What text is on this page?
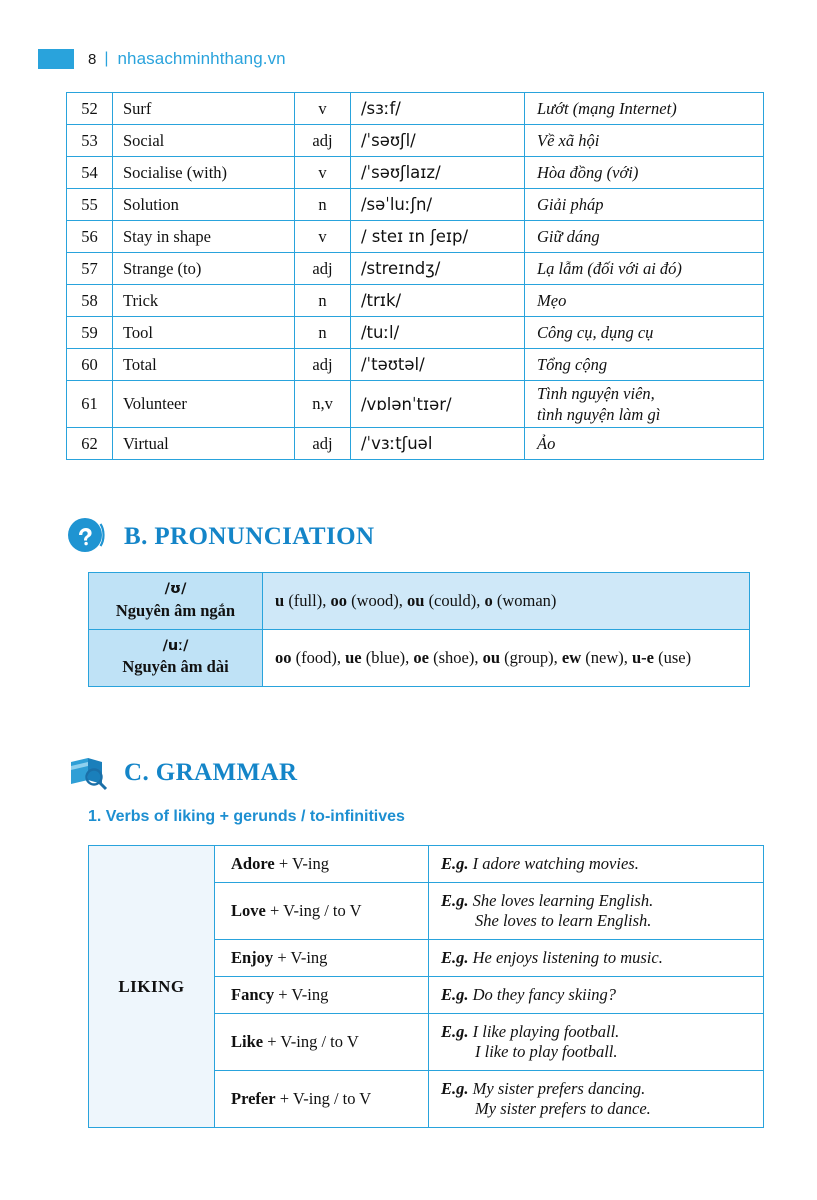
8 | nhasachminhthang.vn
52	Surf	v	/sɜːf/	Lướt (mạng Internet)
53	Social	adj	/ˈsəʊʃl/	Về xã hội
54	Socialise (with)	v	/ˈsəʊʃlaɪz/	Hòa đồng (với)
55	Solution	n	/səˈluːʃn/	Giải pháp
56	Stay in shape	v	/ steɪ ɪn ʃeɪp/	Giữ dáng
57	Strange (to)	adj	/streɪndʒ/	Lạ lẫm (đối với ai đó)
58	Trick	n	/trɪk/	Mẹo
59	Tool	n	/tuːl/	Công cụ, dụng cụ
60	Total	adj	/ˈtəʊtəl/	Tổng cộng
61	Volunteer	n,v	/vɒlənˈtɪər/	Tình nguyện viên,
tình nguyện làm gì

62	Virtual	adj	/ˈvɜːtʃuəl	Ảo
B. PRONUNCIATION
/ʊ/
Nguyên âm ngắn	u (full), oo (wood), ou (could), o (woman)

/uː/
Nguyên âm dài	oo (food), ue (blue), oe (shoe), ou (group), ew (new), u-e (use)
C. GRAMMAR
1. Verbs of liking + gerunds / to-infinitives
LIKING	Adore + V-ing	E.g. I adore watching movies.

	Love + V-ing / to V	E.g. She loves learning English.
She loves to learn English.

	Enjoy + V-ing	E.g. He enjoys listening to music.

	Fancy + V-ing	E.g. Do they fancy skiing?

	Like + V-ing / to V	E.g. I like playing football.
I like to play football.

	Prefer + V-ing / to V	E.g. My sister prefers dancing.
My sister prefers to dance.
